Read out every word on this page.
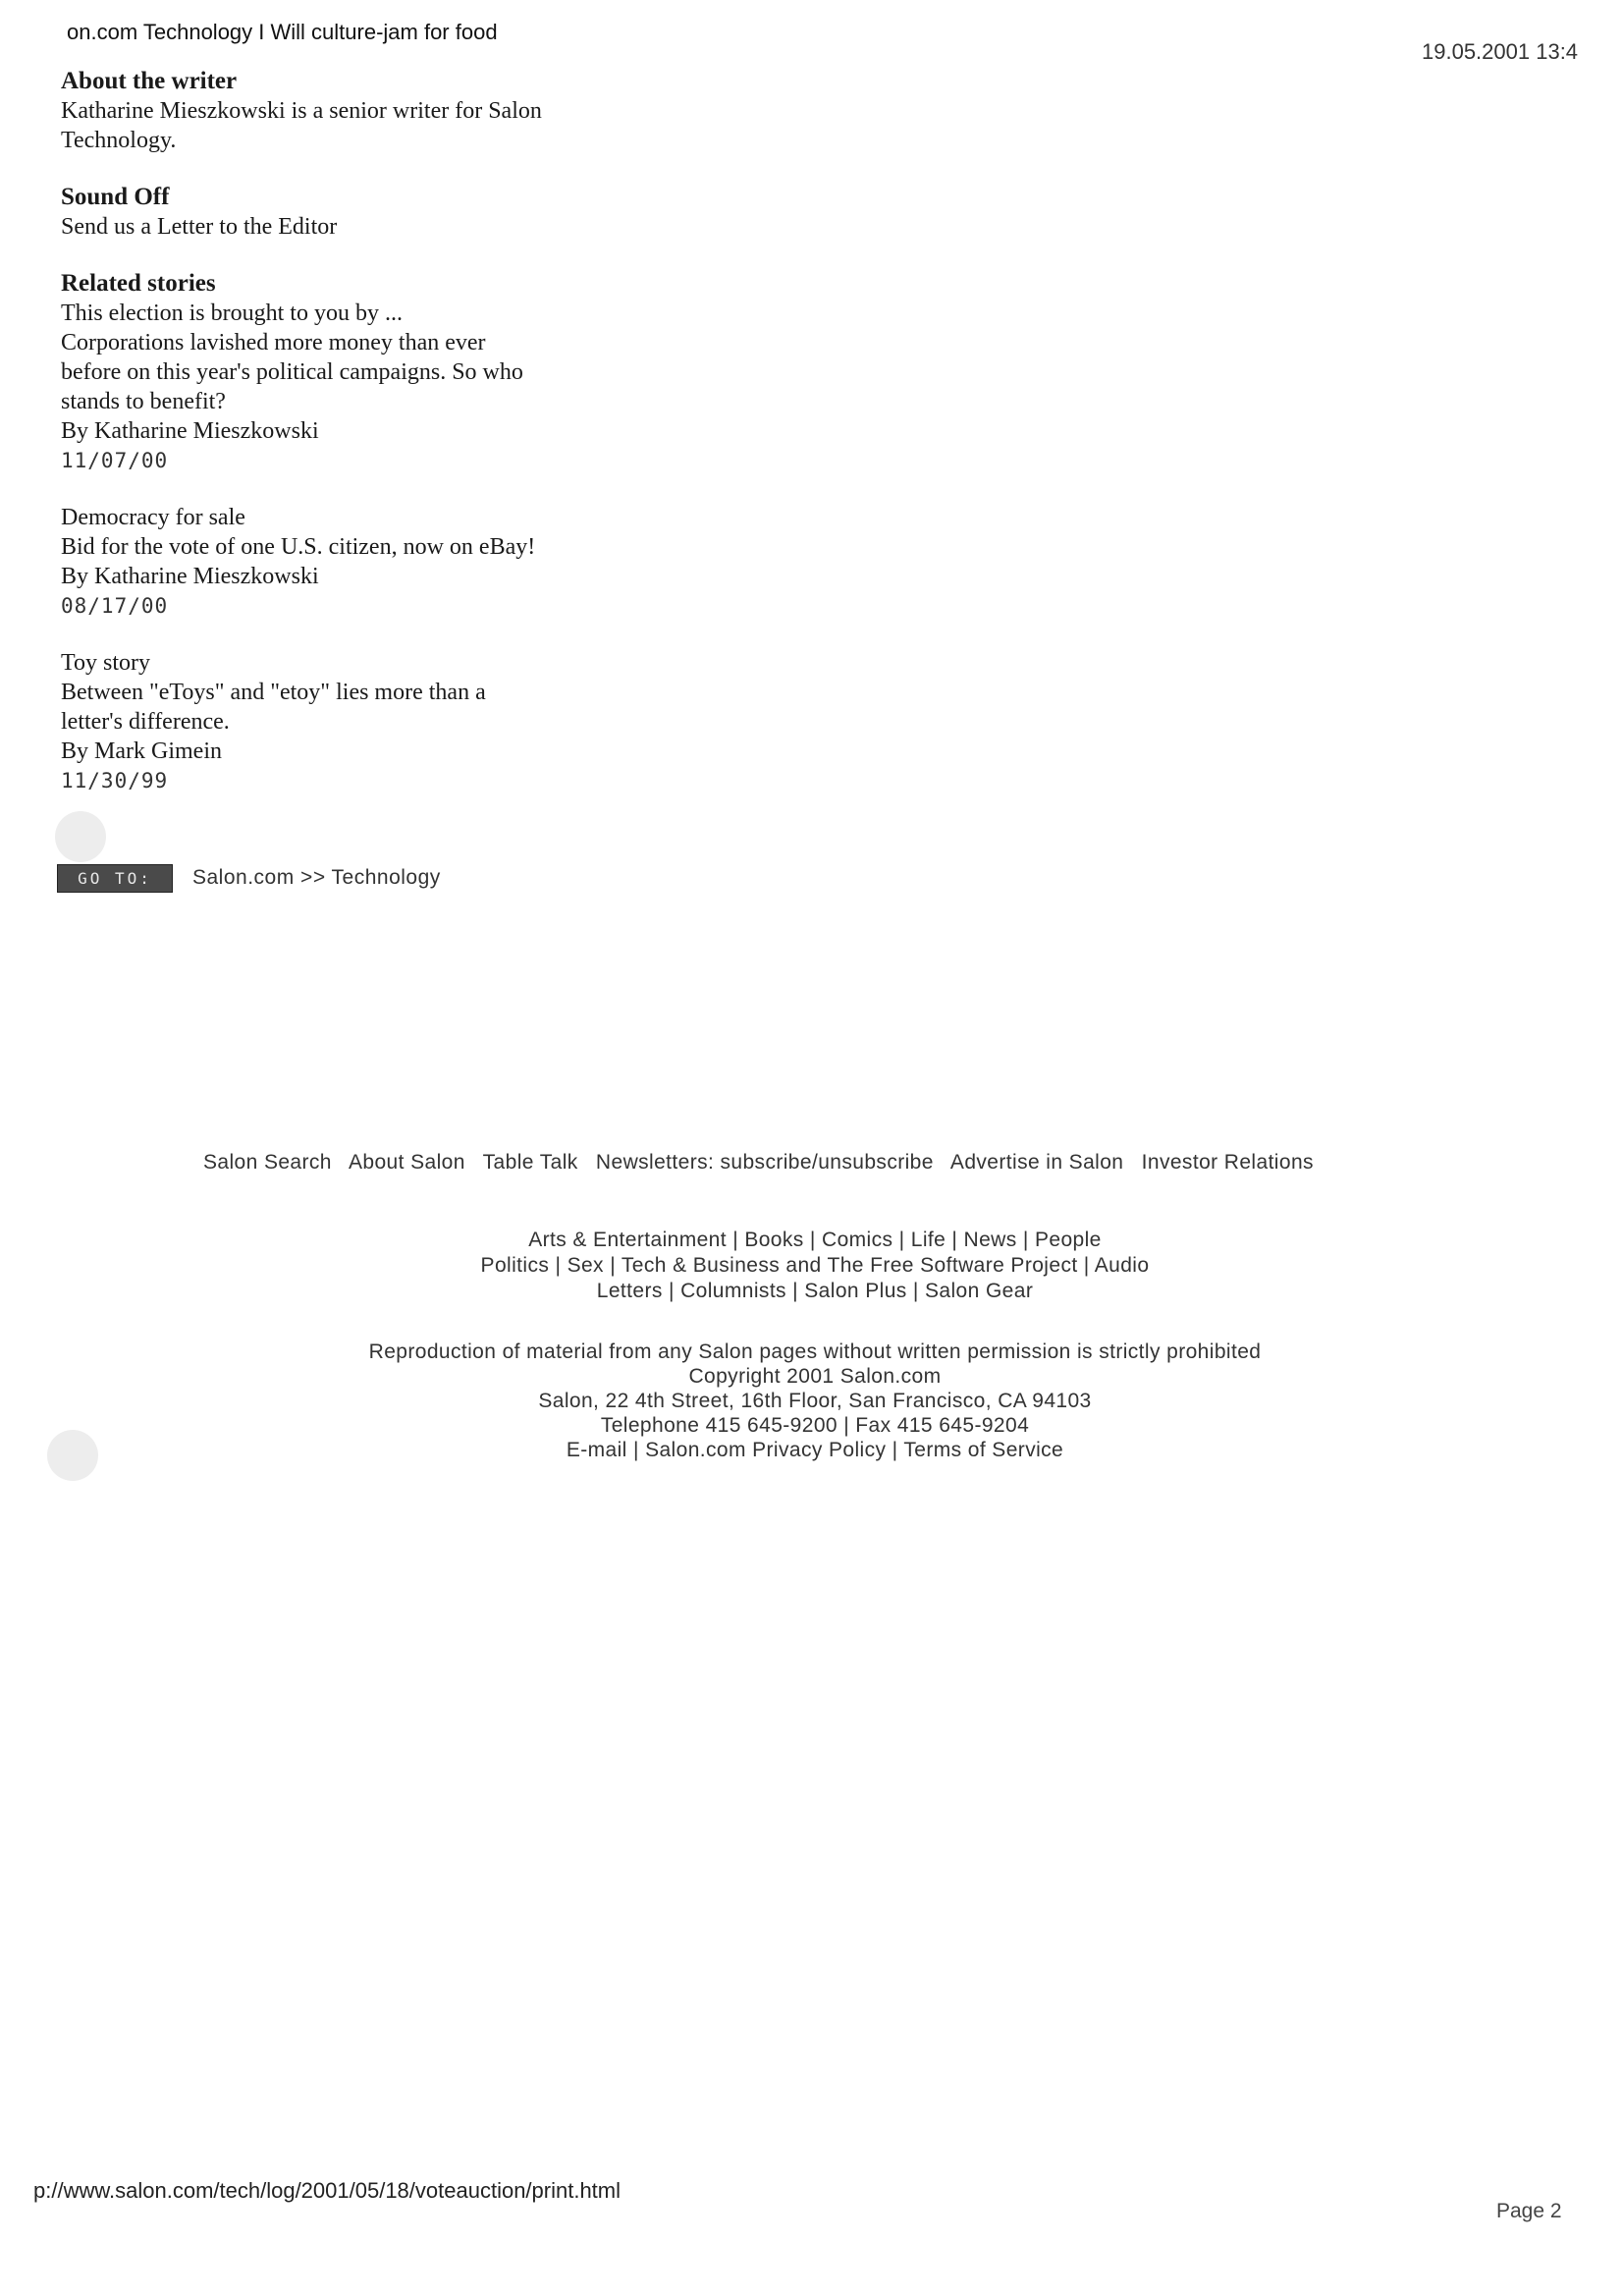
on.com Technology I Will culture-jam for food
19.05.2001 13:4

About the writer

Katharine Mieszkowski is a senior writer for Salon

Technology.

Sound Off

Send us a Letter to the Editor

Related stories

This election is brought to you by ...

Corporations lavished more money than ever

before on this year's political campaigns. So who

stands to benefit?

By Katharine Mieszkowski

11/07/00

Democracy for sale

Bid for the vote of one U.S. citizen, now on eBay!

By Katharine Mieszkowski

08/17/00

Toy story

Between "eToys" and "etoy" lies more than a

letter's difference.

By Mark Gimein

11/30/99

GO TO:	Salon.com >> Technology
Salon Search About Salon Table Talk Newsletters: subscribe/unsubscribe Advertise in Salon Investor Relations
Arts & Entertainment | Books | Comics | Life | News | People
Politics | Sex | Tech & Business and The Free Software Project | Audio
Letters | Columnists | Salon Plus | Salon Gear
Reproduction of material from any Salon pages without written permission is strictly prohibited
Copyright 2001 Salon.com
Salon, 22 4th Street, 16th Floor, San Francisco, CA 94103
Telephone 415 645-9200 | Fax 415 645-9204
E-mail | Salon.com Privacy Policy | Terms of Service
p://www.salon.com/tech/log/2001/05/18/voteauction/print.html
Page 2
